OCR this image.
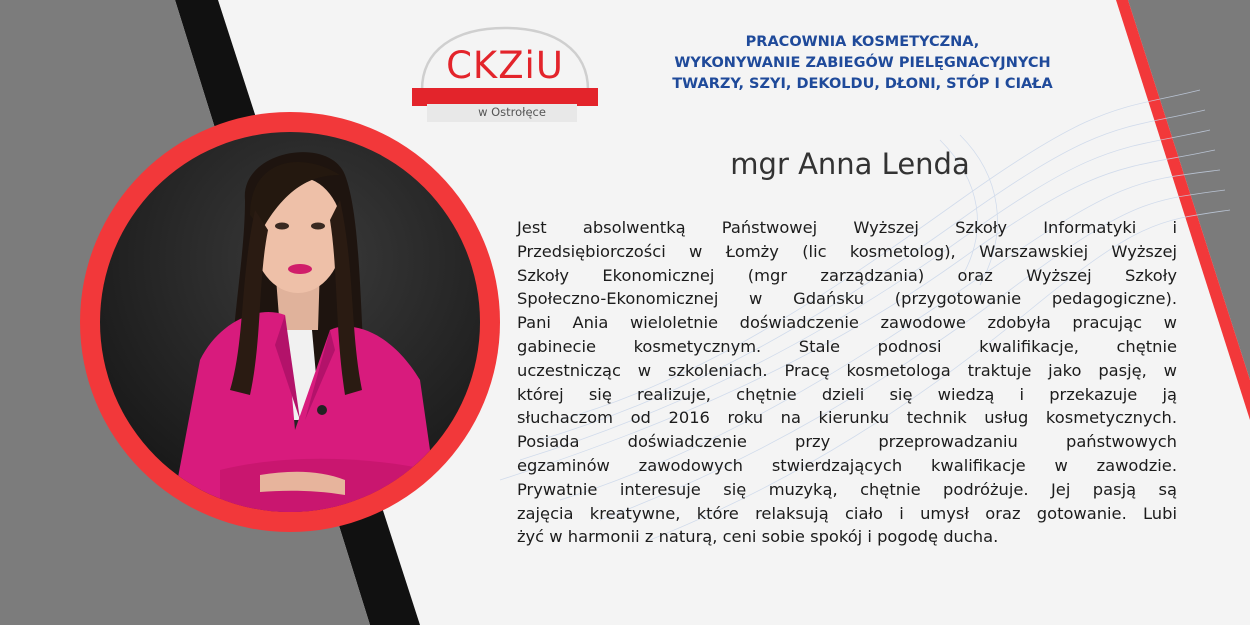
CKZiU
w Ostrołęce
PRACOWNIA KOSMETYCZNA,
WYKONYWANIE ZABIEGÓW PIELĘGNACYJNYCH
TWARZY, SZYI, DEKOLDU, DŁONI, STÓP I CIAŁA
mgr Anna Lenda
Jest absolwentką Państwowej Wyższej Szkoły Informatyki i
Przedsiębiorczości w Łomży (lic kosmetolog), Warszawskiej Wyższej
Szkoły Ekonomicznej (mgr zarządzania) oraz Wyższej Szkoły
Społeczno-Ekonomicznej w Gdańsku (przygotowanie pedagogiczne).
Pani Ania wieloletnie doświadczenie zawodowe zdobyła pracując w
gabinecie kosmetycznym. Stale podnosi kwalifikacje, chętnie
uczestnicząc w szkoleniach. Pracę kosmetologa traktuje jako pasję, w
której się realizuje, chętnie dzieli się wiedzą i przekazuje ją
słuchaczom od 2016 roku na kierunku technik usług kosmetycznych.
Posiada doświadczenie przy przeprowadzaniu państwowych
egzaminów zawodowych stwierdzających kwalifikacje w zawodzie.
Prywatnie interesuje się muzyką, chętnie podróżuje. Jej pasją są
zajęcia kreatywne, które relaksują ciało i umysł oraz gotowanie. Lubi
żyć w harmonii z naturą, ceni sobie spokój i pogodę ducha.
